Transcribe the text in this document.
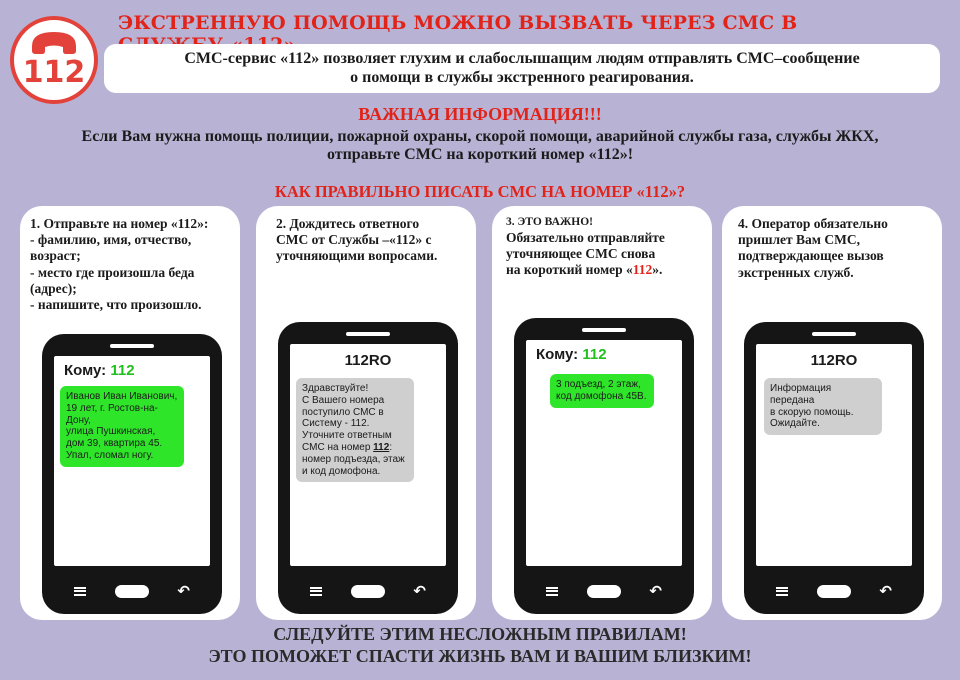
112
ЭКСТРЕННУЮ ПОМОЩЬ МОЖНО ВЫЗВАТЬ ЧЕРЕЗ СМС В
СМС-сервис «112» позволяет глухим и слабослышащим людям отправлять СМС–сообщение
о помощи в службы экстренного реагирования.
ВАЖНАЯ ИНФОРМАЦИЯ!!!
Если Вам нужна помощь полиции, пожарной охраны, скорой помощи, аварийной службы газа, службы ЖКХ,
отправьте СМС на короткий номер «112»!
КАК ПРАВИЛЬНО ПИСАТЬ СМС НА НОМЕР «112»?
1. Отправьте на номер «112»:
- фамилию, имя, отчество,
возраст;
- место где произошла беда
(адрес);
- напишите, что произошло.
Кому: 112
Иванов Иван Иванович,
19 лет, г. Ростов-на-Дону,
улица Пушкинская,
дом 39, квартира 45.
Упал, сломал ногу.
↶
2. Дождитесь ответного
СМС от Службы –«112» с
уточняющими вопросами.
112RO
Здравствуйте!
С Вашего номера
поступило СМС в
Систему - 112.
Уточните ответным
СМС на номер 112:
номер подъезда, этаж
и код домофона.
↶
3. ЭТО ВАЖНО!
Обязательно отправляйте
уточняющее СМС снова
на короткий номер «112».
Кому: 112
3 подъезд, 2 этаж,
код домофона 45В.
↶
4. Оператор обязательно
пришлет Вам СМС,
подтверждающее вызов
экстренных служб.
112RO
Информация передана
в скорую помощь.
Ожидайте.
↶
СЛЕДУЙТЕ ЭТИМ НЕСЛОЖНЫМ ПРАВИЛАМ!
ЭТО ПОМОЖЕТ СПАСТИ ЖИЗНЬ ВАМ И ВАШИМ БЛИЗКИМ!
